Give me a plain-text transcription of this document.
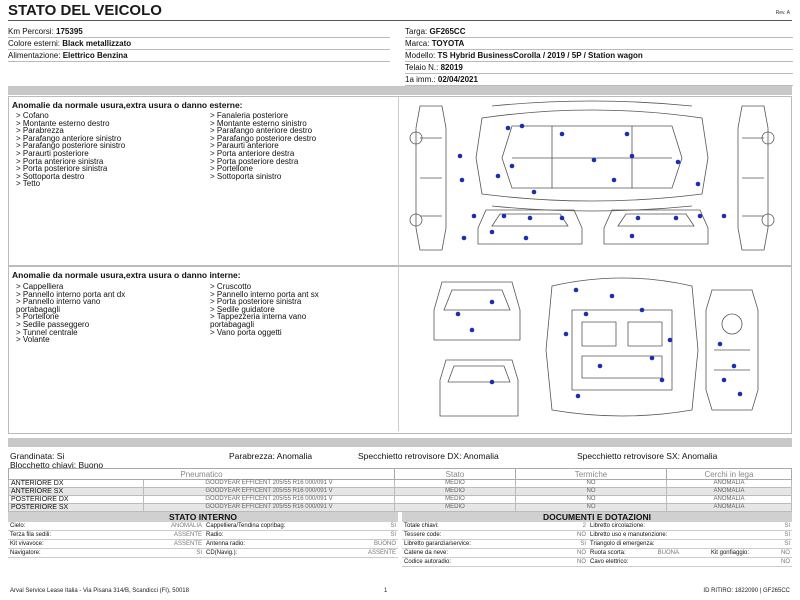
STATO DEL VEICOLO	Rev. A
Km Percorsi: 175395
Colore esterni: Black metallizzato
Alimentazione: Elettrico Benzina
Targa: GF265CC
Marca: TOYOTA
Modello: TS Hybrid BusinessCorolla / 2019 / 5P / Station wagon
Telaio N.: 82019
1a imm.: 02/04/2021
Anomalie da normale usura,extra usura o danno esterne:
> Cofano
> Montante esterno destro
> Parabrezza
> Parafango anteriore sinistro
> Parafango posteriore sinistro
> Paraurti posteriore
> Porta anteriore sinistra
> Porta posteriore sinistra
> Sottoporta destro
> Tetto
> Fanaleria posteriore
> Montante esterno sinistro
> Parafango anteriore destro
> Parafango posteriore destro
> Paraurti anteriore
> Porta anteriore destra
> Porta posteriore destra
> Portellone
> Sottoporta sinistro
Anomalie da normale usura,extra usura o danno interne:
> Cappelliera
> Pannello interno porta ant dx
> Pannello interno vano
portabagagli
> Portellone
> Sedile passeggero
> Tunnel centrale
> Volante
> Cruscotto
> Pannello interno porta ant sx
> Porta posteriore sinistra
> Sedile guidatore
> Tappezzeria interna vano
portabagagli
> Vano porta oggetti
Grandinata: Si	Parabrezza: Anomalia	Specchietto retrovisore DX: Anomalia	Specchietto retrovisore SX: Anomalia
Blocchetto chiavi: Buono
Pneumatico		Stato	Termiche	Cerchi in lega
ANTERIORE DX	GOODYEAR EFFICENT 205/55 R16 000/091 V	MEDIO	NO	ANOMALIA
ANTERIORE SX	GOODYEAR EFFICENT 205/55 R16 000/091 V	MEDIO	NO	ANOMALIA
POSTERIORE DX	GOODYEAR EFFICENT 205/55 R16 000/091 V	MEDIO	NO	ANOMALIA
POSTERIORE SX	GOODYEAR EFFICENT 205/55 R16 000/091 V	MEDIO	NO	ANOMALIA
STATO INTERNO
Cielo:	ANOMALIA Cappelliera/Tendina copribag:	SI
Terza fila sedili:	ASSENTE Radio:	SI
Kit vivavoce:	ASSENTE Antenna radio:	BUONO
Navigatore:	SI CD(Navig.):	ASSENTE
DOCUMENTI E DOTAZIONI
Totale chiavi:	2 Libretto circolazione:	SI
Tessere code:	NO Libretto uso e manutenzione:	SI
Libretto garanzia/service:	SI Triangolo di emergenza:	SI
Catene da neve:	NO Ruota scorta:	BUONA	Kit gonfiaggio:	NO
Codice autoradio:	NO Cavo elettrico:	NO
Arval Service Lease Italia - Via Pisana 314/B, Scandicci (FI), 50018	1	ID RITIRO: 1822090 | GF265CC
